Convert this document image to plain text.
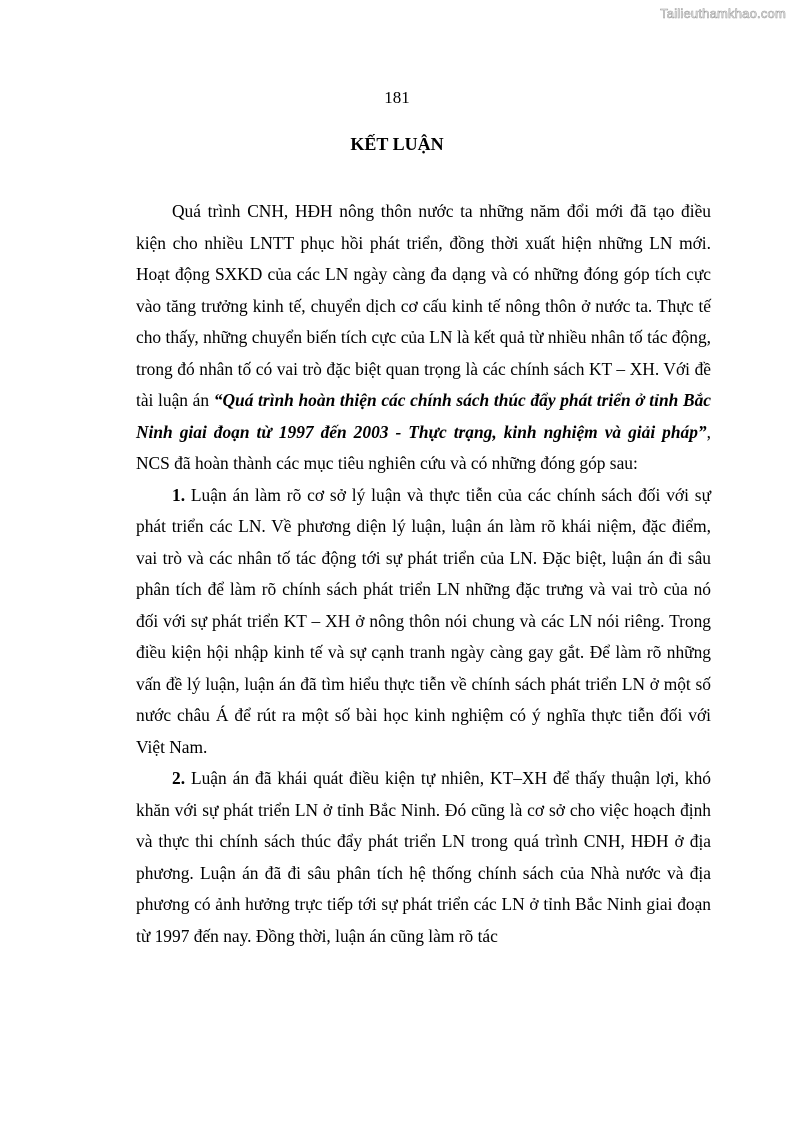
Tailieuthamkhao.com
181
KẾT LUẬN

Quá trình CNH, HĐH nông thôn nước ta những năm đổi mới đã tạo điều kiện cho nhiều LNTT phục hồi phát triển, đồng thời xuất hiện những LN mới. Hoạt động SXKD của các LN ngày càng đa dạng và có những đóng góp tích cực vào tăng trưởng kinh tế, chuyển dịch cơ cấu kinh tế nông thôn ở nước ta. Thực tế cho thấy, những chuyển biến tích cực của LN là kết quả từ nhiều nhân tố tác động, trong đó nhân tố có vai trò đặc biệt quan trọng là các chính sách KT – XH. Với đề tài luận án “Quá trình hoàn thiện các chính sách thúc đẩy phát triển ở tỉnh Bắc Ninh giai đoạn từ 1997 đến 2003 - Thực trạng, kinh nghiệm và giải pháp”, NCS đã hoàn thành các mục tiêu nghiên cứu và có những đóng góp sau:

1. Luận án làm rõ cơ sở lý luận và thực tiễn của các chính sách đối với sự phát triển các LN. Về phương diện lý luận, luận án làm rõ khái niệm, đặc điểm, vai trò và các nhân tố tác động tới sự phát triển của LN. Đặc biệt, luận án đi sâu phân tích để làm rõ chính sách phát triển LN những đặc trưng và vai trò của nó đối với sự phát triển KT – XH ở nông thôn nói chung và các LN nói riêng. Trong điều kiện hội nhập kinh tế và sự cạnh tranh ngày càng gay gắt. Để làm rõ những vấn đề lý luận, luận án đã tìm hiểu thực tiễn về chính sách phát triển LN ở một số nước châu Á để rút ra một số bài học kinh nghiệm có ý nghĩa thực tiễn đối với Việt Nam.

2. Luận án đã khái quát điều kiện tự nhiên, KT–XH để thấy thuận lợi, khó khăn với sự phát triển LN ở tỉnh Bắc Ninh. Đó cũng là cơ sở cho việc hoạch định và thực thi chính sách thúc đẩy phát triển LN trong quá trình CNH, HĐH ở địa phương. Luận án đã đi sâu phân tích hệ thống chính sách của Nhà nước và địa phương có ảnh hưởng trực tiếp tới sự phát triển các LN ở tỉnh Bắc Ninh giai đoạn từ 1997 đến nay. Đồng thời, luận án cũng làm rõ tác
